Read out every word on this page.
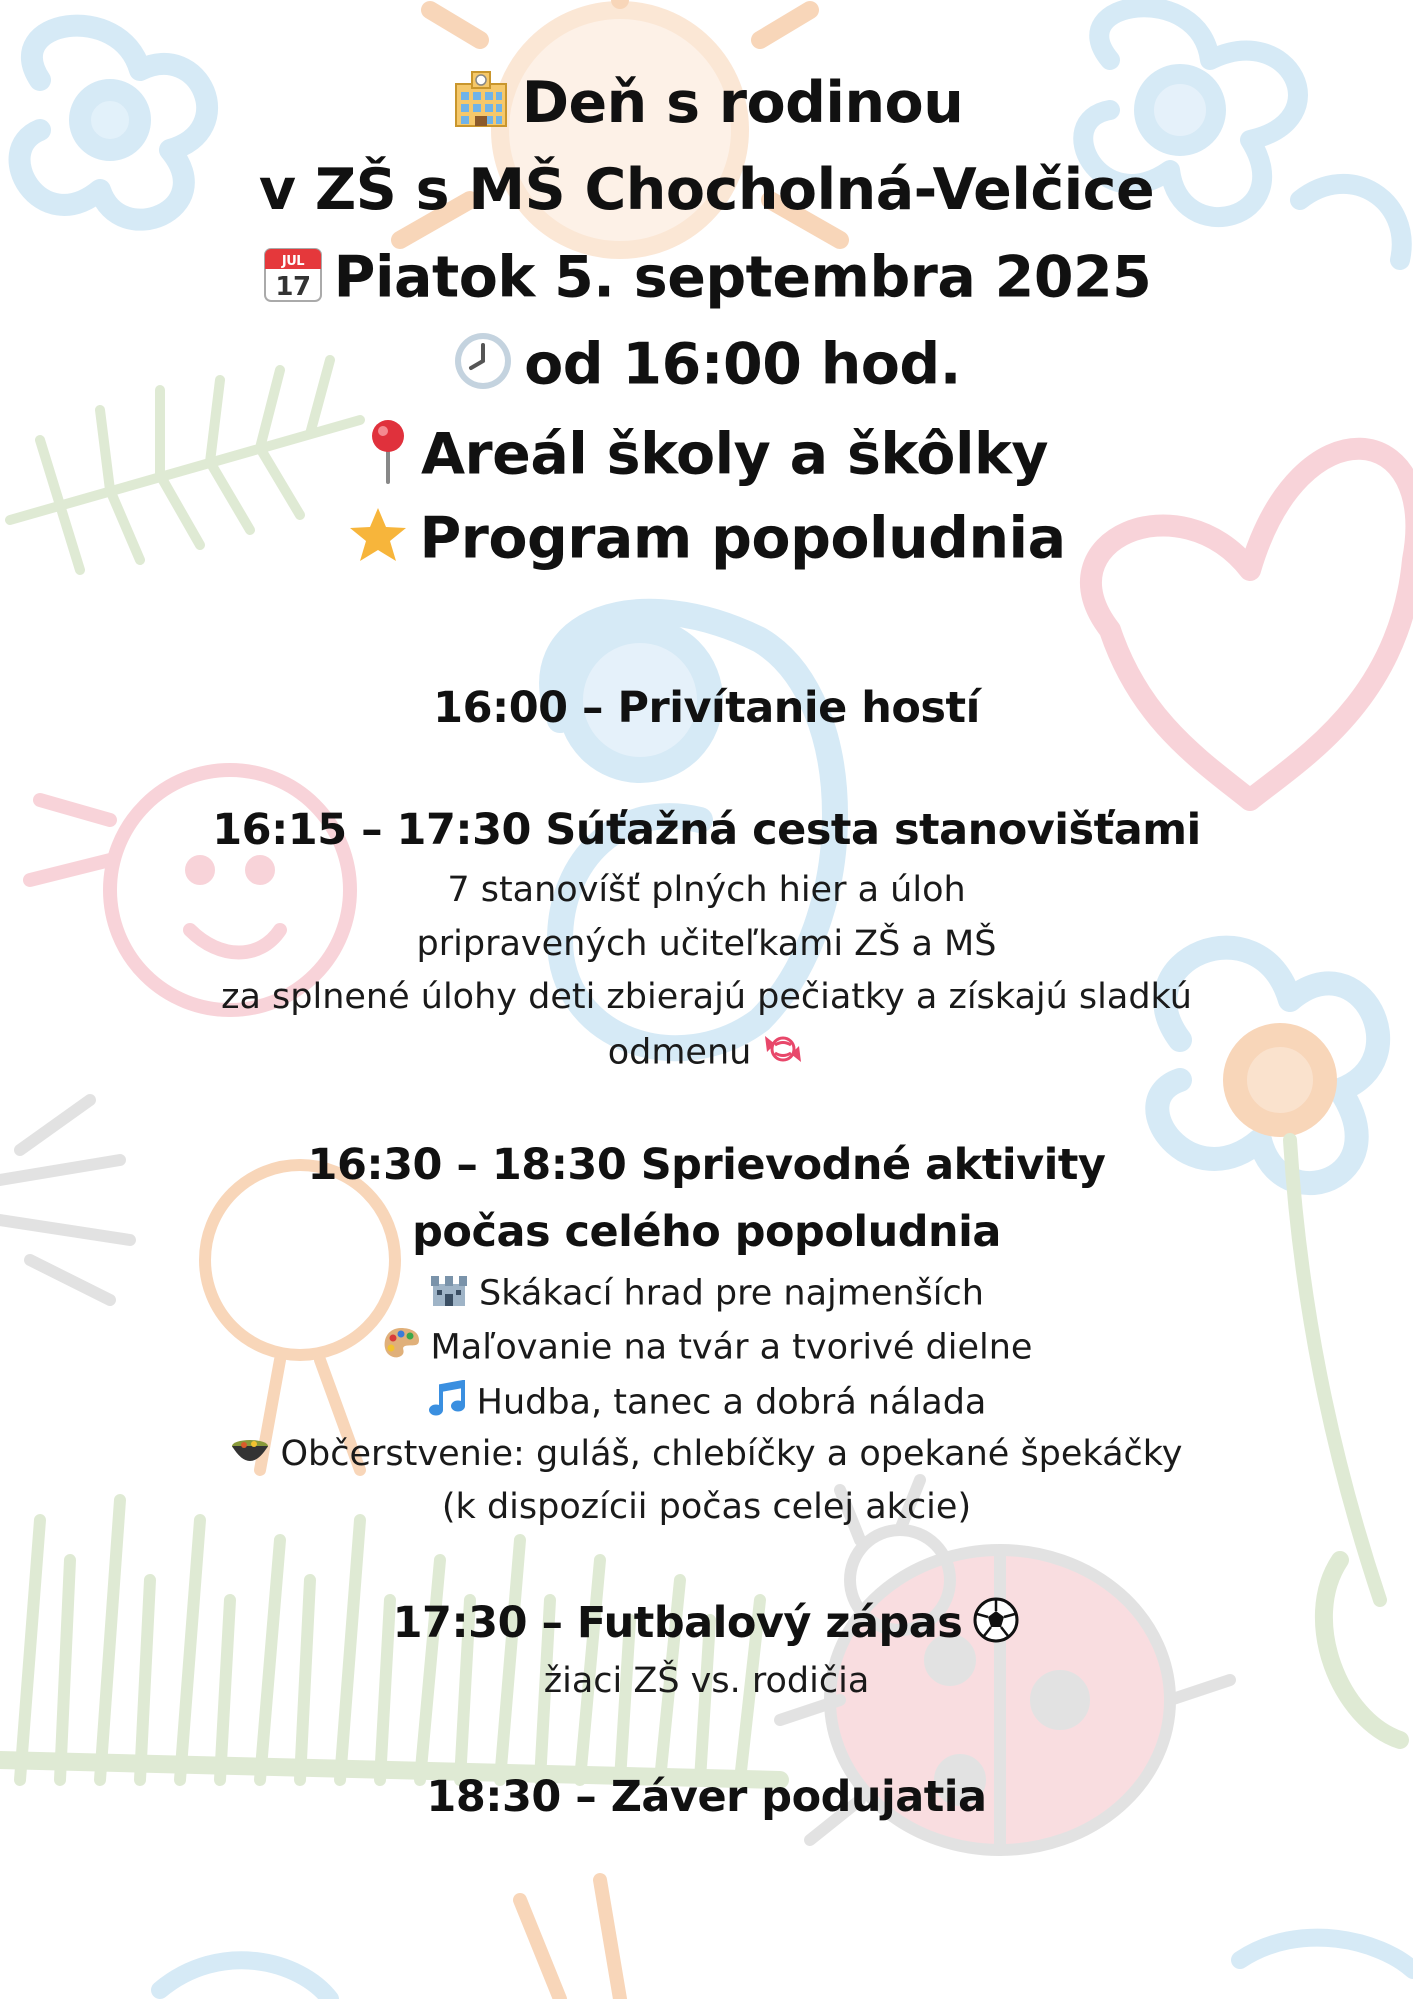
Deň s rodinou
v ZŠ s MŠ Chocholná-Velčice
JUL
17 Piatok 5. septembra 2025
od 16:00 hod.
Areál školy a škôlky
Program popoludnia
16:00 – Privítanie hostí
16:15 – 17:30 Súťažná cesta stanovišťami
7 stanovíšť plných hier a úloh
pripravených učiteľkami ZŠ a MŠ
za splnené úlohy deti zbierajú pečiatky a získajú sladkú
odmenu
16:30 – 18:30 Sprievodné aktivity
počas celého popoludnia
Skákací hrad pre najmenších
Maľovanie na tvár a tvorivé dielne
Hudba, tanec a dobrá nálada
Občerstvenie: guláš, chlebíčky a opekané špekáčky
(k dispozícii počas celej akcie)
17:30 – Futbalový zápas
žiaci ZŠ vs. rodičia
18:30 – Záver podujatia
